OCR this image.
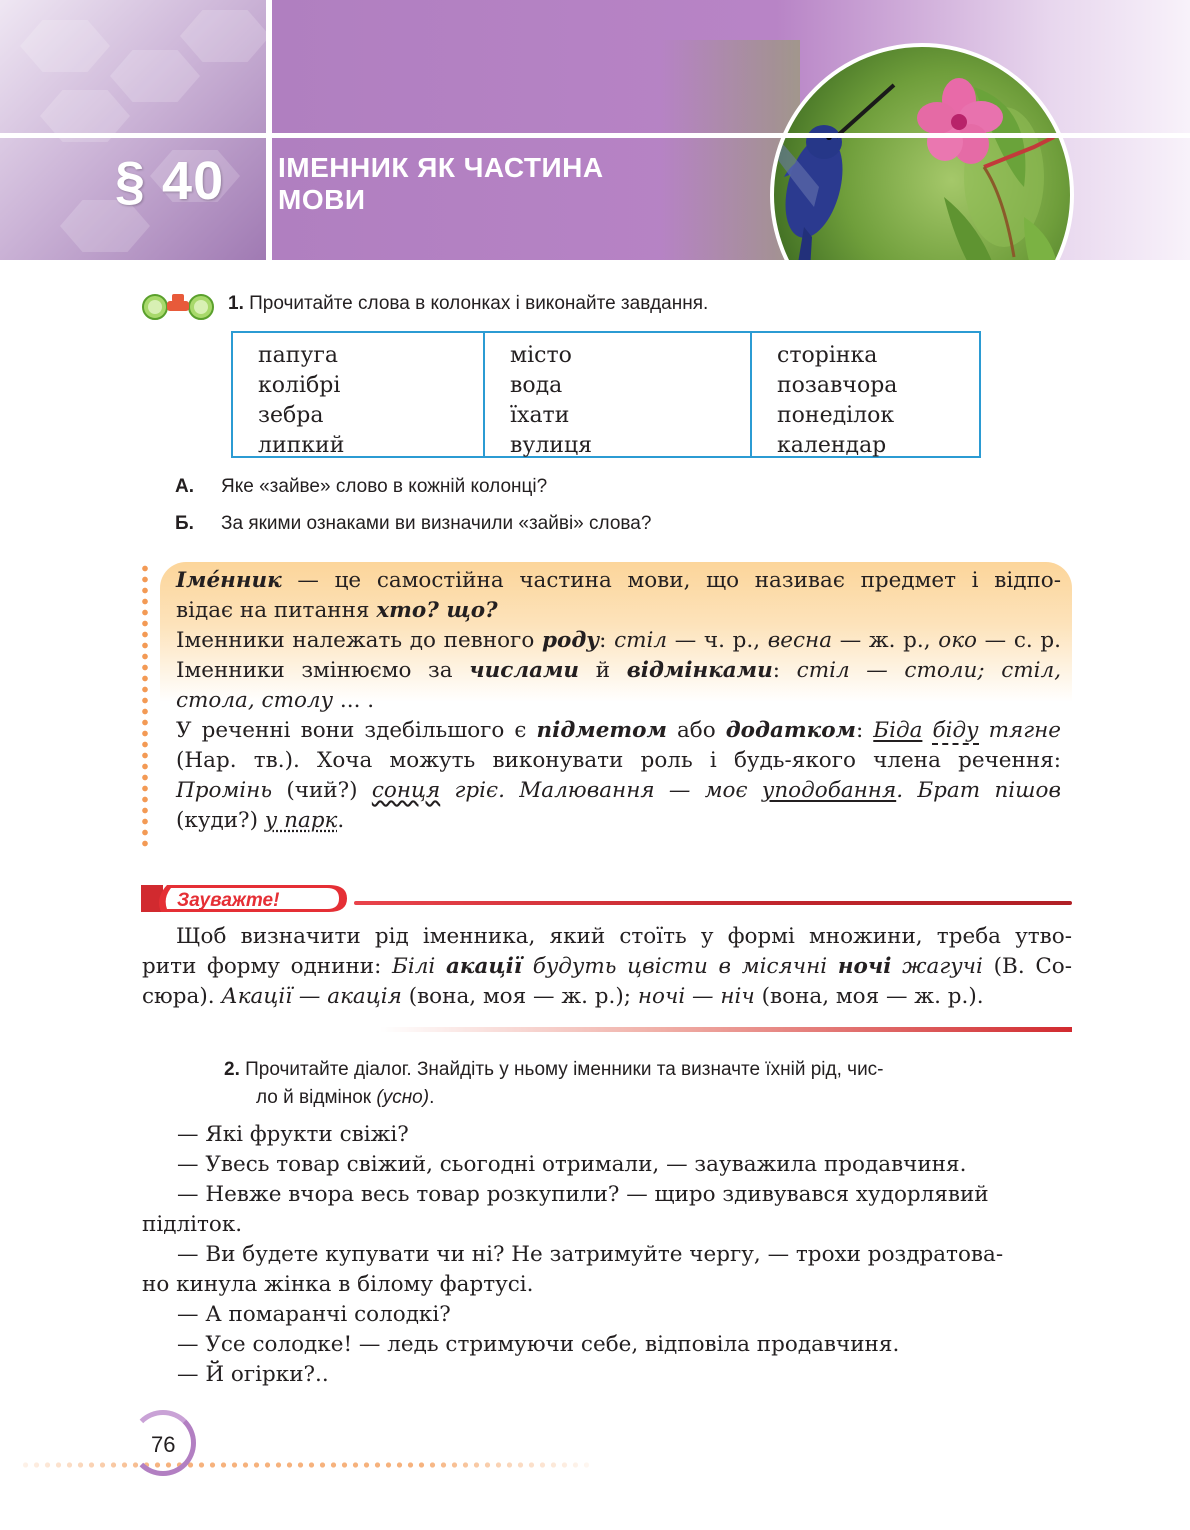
§ 40 ІМЕННИК ЯК ЧАСТИНА
МОВИ
1. Прочитайте слова в колонках і виконайте завдання.
папуга
колібрі
зебра
липкий
місто
вода
їхати
вулиця
сторінка
позавчора
понеділок
календар
А. Яке «зайве» слово в кожній колонці?
Б. За якими ознаками ви визначили «зайві» слова?
Імéнник — це самостійна частина мови, що називає предмет і відпо-
відає на питання хто? що?
Іменники належать до певного роду: стіл — ч. р., весна — ж. р., око — с. р.
Іменники змінюємо за числами й відмінками: стіл — столи; стіл,
стола, столу ... .
У реченні вони здебільшого є підметом або додатком: Біда біду тягне
(Нар. тв.). Хоча можуть виконувати роль і будь-якого члена речення:
Промінь (чий?) сонця гріє. Малювання — моє уподобання. Брат пішов
(куди?) у парк.
Зауважте!
Щоб визначити рід іменника, який стоїть у формі множини, треба утво-
рити форму однини: Білі акації будуть цвісти в місячні ночі жагучі (В. Со-
сюра). Акації — акація (вона, моя — ж. р.); ночі — ніч (вона, моя — ж. р.).
2. Прочитайте діалог. Знайдіть у ньому іменники та визначте їхній рід, чис-
ло й відмінок (усно).
— Які фрукти свіжі?
— Увесь товар свіжий, сьогодні отримали, — зауважила продавчиня.
— Невже вчора весь товар розкупили? — щиро здивувався худорлявий
підліток.
— Ви будете купувати чи ні? Не затримуйте чергу, — трохи роздратова-
но кинула жінка в білому фартусі.
— А помаранчі солодкі?
— Усе солодке! — ледь стримуючи себе, відповіла продавчиня.
— Й огірки?..
76
